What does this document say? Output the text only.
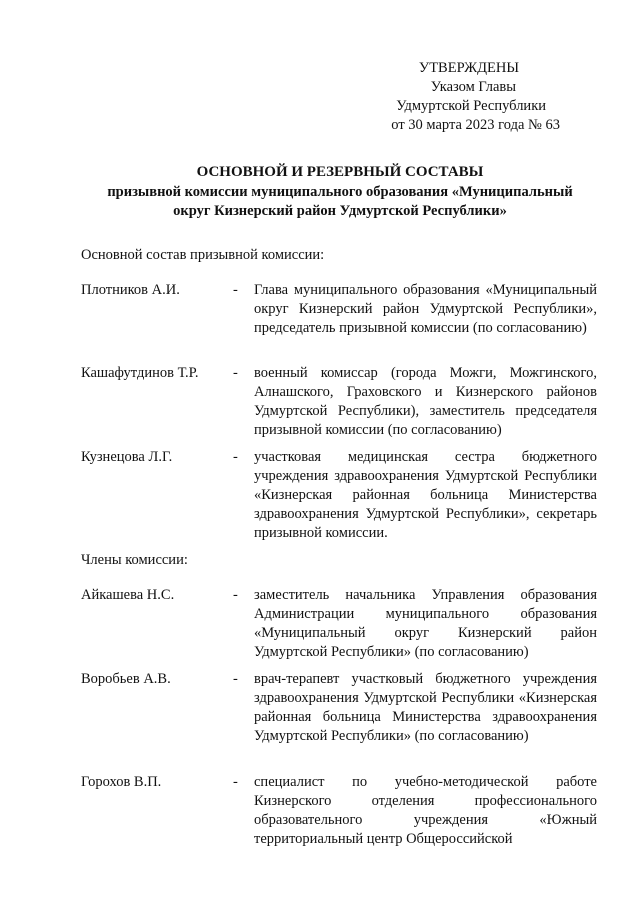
УТВЕРЖДЕНЫ
Указом Главы
Удмуртской Республики
от 30 марта 2023 года № 63
ОСНОВНОЙ И РЕЗЕРВНЫЙ СОСТАВЫ
призывной комиссии муниципального образования «Муниципальный
округ Кизнерский район Удмуртской Республики»
Основной состав призывной комиссии:
Плотников А.И.	- Глава муниципального образования «Муниципальный округ Кизнерский район Удмуртской Республики», председатель призывной комиссии (по согласованию)
Кашафутдинов Т.Р. - военный комиссар (города Можги, Можгинского, Алнашского, Граховского и Кизнерского районов Удмуртской Республики), заместитель председателя призывной комиссии (по согласованию)
Кузнецова Л.Г.	- участковая медицинская сестра бюджетного учреждения здравоохранения Удмуртской Республики «Кизнерская районная больница Министерства здравоохранения Удмуртской Республики», секретарь призывной комиссии.
Члены комиссии:
Айкашева Н.С.	- заместитель начальника Управления образования Администрации муниципального образования «Муниципальный округ Кизнерский район Удмуртской Республики» (по согласованию)
Воробьев А.В.	- врач-терапевт участковый бюджетного учреждения здравоохранения Удмуртской Республики «Кизнерская районная больница Министерства здравоохранения Удмуртской Республики» (по согласованию)
Горохов В.П.	- специалист по учебно-методической работе Кизнерского отделения профессионального образовательного учреждения «Южный территориальный центр Общероссийской
